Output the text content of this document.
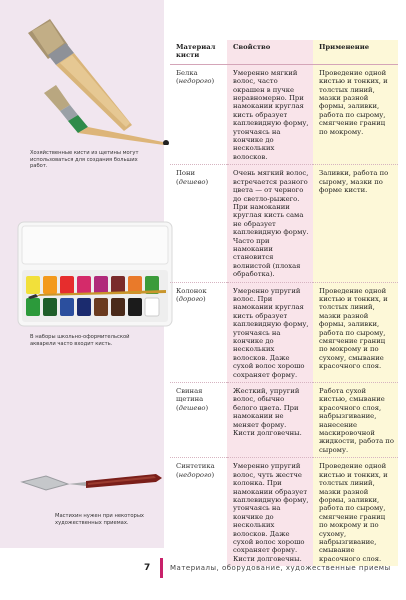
Хозяйственные кисти из щетины могут использоваться для создания больших работ.
В наборы школьно-оформительской акварели часто входит кисть.
Мастихин нужен при некоторых художественных приемах.
Материал кисти	Свойство	Применение

Белка
(недорого)	Умеренно мягкий волос, часто окрашен в пучке неравномерно. При намокании круглая кисть образует каплевидную форму, утончаясь на кончике до нескольких волосков.	Проведение одной кистью и тонких, и толстых линий, мазки разной формы, заливки, работа по сырому, смягчение границ по мокрому.

Пони
(дешево)	Очень мягкий волос, встречается разного цвета — от черного до светло-рыжего. При намокании круглая кисть сама не образует каплевидную форму. Часто при намокании становится волнистой (плохая обработка).	Заливки, работа по сырому, мазки по форме кисти.

Колонок
(дорого)	Умеренно упругий волос. При намокании круглая кисть образует каплевидную форму, утончаясь на кончике до нескольких волосков. Даже сухой волос хорошо сохраняет форму.	Проведение одной кистью и тонких, и толстых линий, мазки разной формы, заливки, работа по сырому, смягчение границ по мокрому и по сухому, смывание красочного слоя.

Свиная щетина
(дешево)	Жесткий, упругий волос, обычно белого цвета. При намокании не меняет форму. Кисти долговечны.	Работа сухой кистью, смывание красочного слоя, набрызгивание, нанесение маскировочной жидкости, работа по сырому.

Синтетика
(недорого)	Умеренно упругий волос, чуть жестче колонка. При намокании образует каплевидную форму, утончаясь на кончике до нескольких волосков. Даже сухой волос хорошо сохраняет форму. Кисти долговечны.	Проведение одной кистью и тонких, и толстых линий, мазки разной формы, заливки, работа по сырому, смягчение границ по мокрому и по сухому, набрызгивание, смывание красочного слоя.
7	Материалы, оборудование, художественные приемы
